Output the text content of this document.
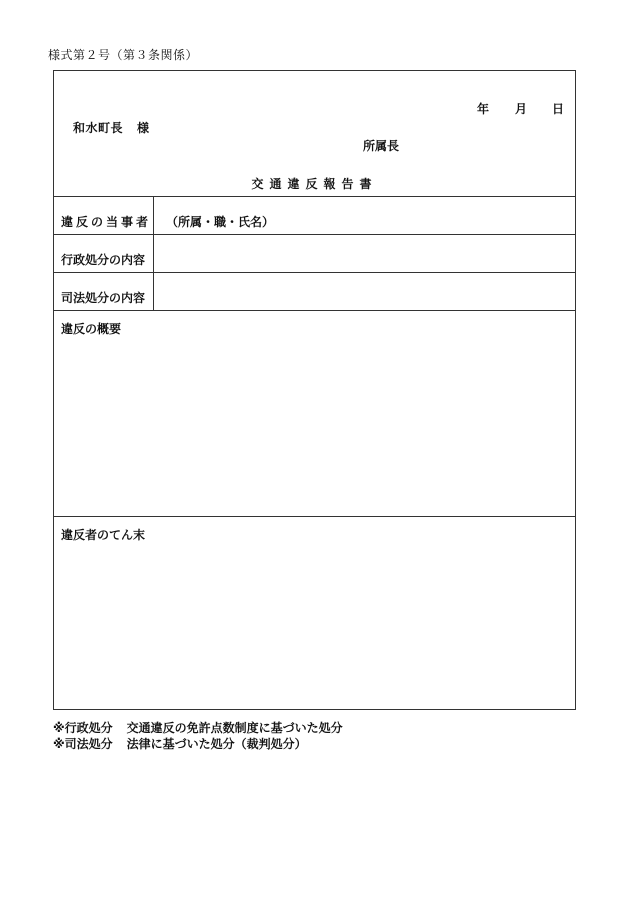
様式第２号（第３条関係）
年 月 日
和水町長 様
所属長
交通違反報告書
違反の当事者 （所属・職・氏名）
行政処分の内容
司法処分の内容
違反の概要
違反者のてん末
※行政処分 交通違反の免許点数制度に基づいた処分
※司法処分 法律に基づいた処分（裁判処分）
